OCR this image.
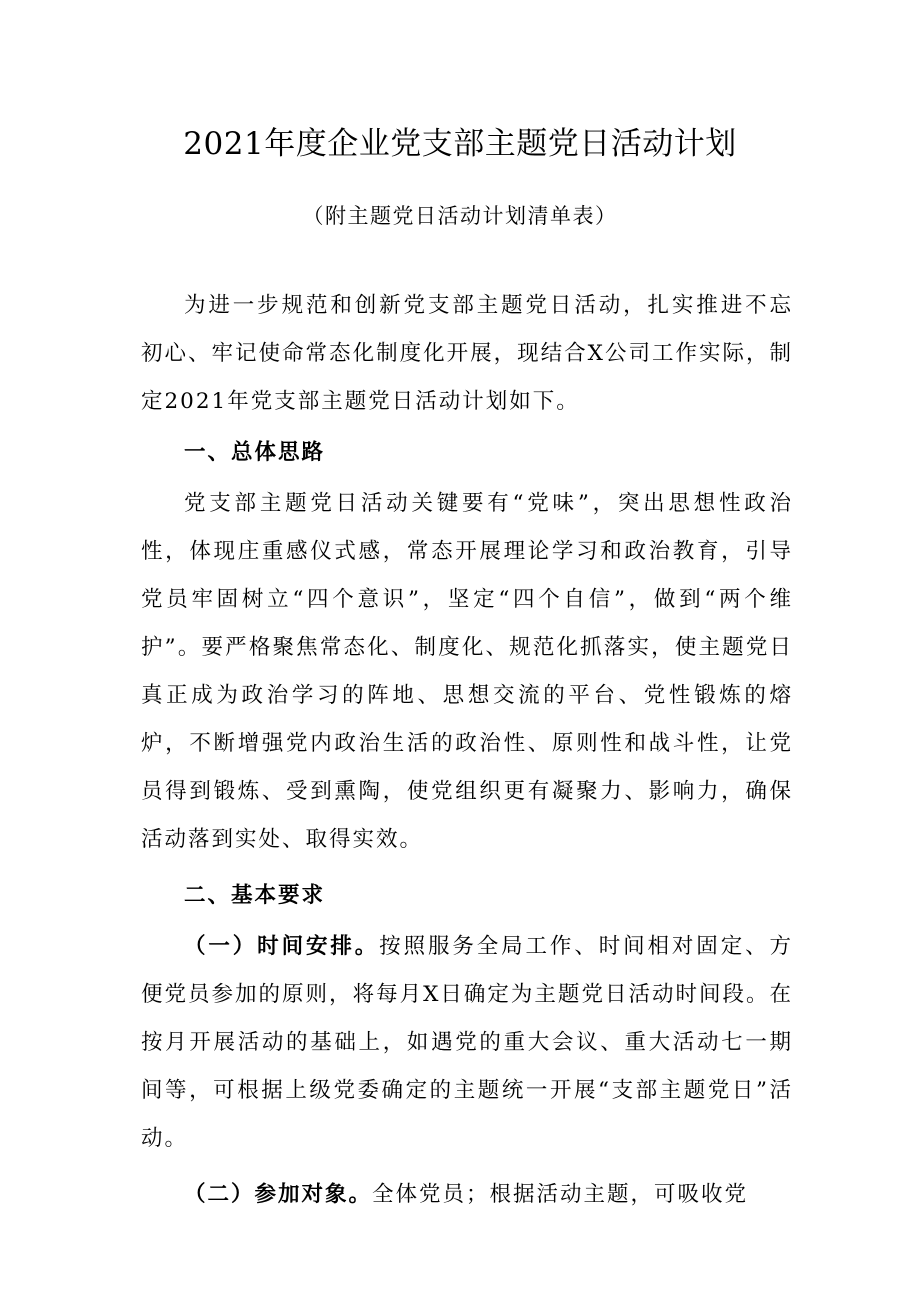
2021年度企业党支部主题党日活动计划
（附主题党日活动计划清单表）

为进一步规范和创新党支部主题党日活动，扎实推进不忘初心、牢记使命常态化制度化开展，现结合X公司工作实际，制定2021年党支部主题党日活动计划如下。

一、总体思路

党支部主题党日活动关键要有“党味”，突出思想性政治性，体现庄重感仪式感，常态开展理论学习和政治教育，引导党员牢固树立“四个意识”，坚定“四个自信”，做到“两个维护”。要严格聚焦常态化、制度化、规范化抓落实，使主题党日真正成为政治学习的阵地、思想交流的平台、党性锻炼的熔炉，不断增强党内政治生活的政治性、原则性和战斗性，让党员得到锻炼、受到熏陶，使党组织更有凝聚力、影响力，确保活动落到实处、取得实效。

二、基本要求

（一）时间安排。按照服务全局工作、时间相对固定、方便党员参加的原则，将每月X日确定为主题党日活动时间段。在按月开展活动的基础上，如遇党的重大会议、重大活动七一期间等，可根据上级党委确定的主题统一开展“支部主题党日”活动。

（二）参加对象。全体党员；根据活动主题，可吸收党
